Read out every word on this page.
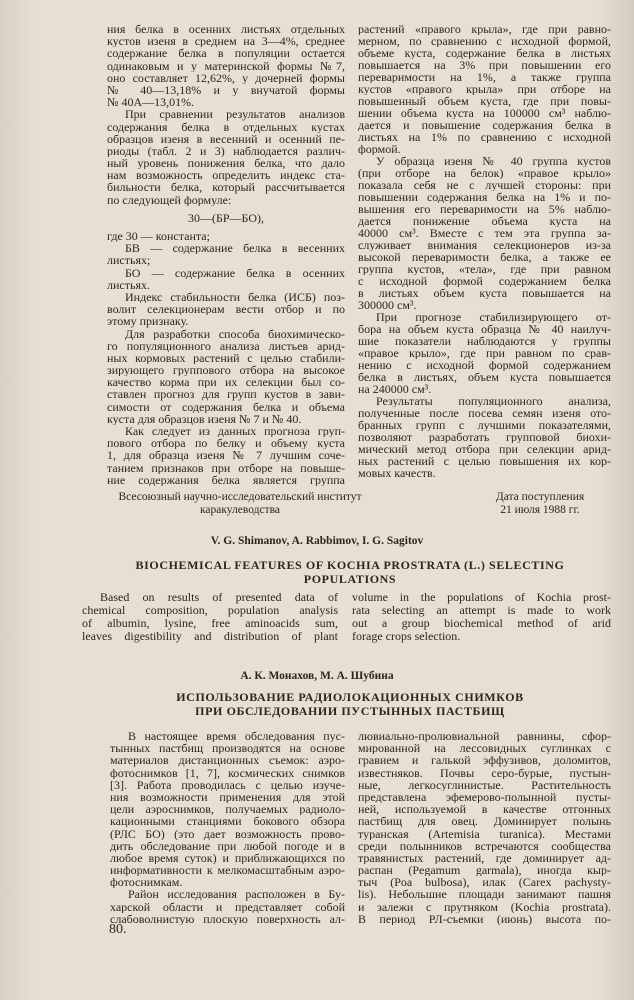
ния белка в осенних листьях отдельных
кустов изеня в среднем на 3—4%, среднее
содержание белка в популяции остается
одинаковым и у материнской формы №7,
оно составляет 12,62%, у дочерней формы
№ 40—13,18% и у внучатой формы
№ 40А—13,01%.
При сравнении результатов анализов
содержания белка в отдельных кустах
образцов изеня в весенний и осенний пе-
риоды (табл. 2 и 3) наблюдается различ-
ный уровень понижения белка, что дало
нам возможность определить индекс ста-
бильности белка, который рассчитывается
по следующей формуле:
30—(БР—БО),
где 30 — константа;
БВ — содержание белка в весенних
листьях;
БО — содержание белка в осенних
листьях.
Индекс стабильности белка (ИСБ) поз-
волит селекционерам вести отбор и по
этому признаку.
Для разработки способа биохимическо-
го популяционного анализа листьев арид-
ных кормовых растений с целью стабили-
зирующего группового отбора на высокое
качество корма при их селекции был со-
ставлен прогноз для групп кустов в зави-
симости от содержания белка и объема
куста для образцов изеня № 7 и № 40.
Как следует из данных прогноза груп-
пового отбора по белку и объему куста
1, для образца изеня № 7 лучшим соче-
танием признаков при отборе на повыше-
ние содержания белка является группа
растений «правого крыла», где при равно-
мерном, по сравнению с исходной формой,
объеме куста, содержание белка в листьях
повышается на 3% при повышении его
переваримости на 1%, а также группа
кустов «правого крыла» при отборе на
повышенный объем куста, где при повы-
шении объема куста на 100000 см³ наблю-
дается и повышение содержания белка в
листьях на 1% по сравнению с исходной
формой.
У образца изеня № 40 группа кустов
(при отборе на белок) «правое крыло»
показала себя не с лучшей стороны: при
повышении содержания белка на 1% и по-
вышения его переваримости на 5% наблю-
дается понижение объема куста на
40000 см³. Вместе с тем эта группа за-
служивает внимания селекционеров из-за
высокой переваримости белка, а также ее
группа кустов, «тела», где при равном
с исходной формой содержанием белка
в листьях объем куста повышается на
300000 см³.
При прогнозе стабилизирующего от-
бора на объем куста образца № 40 наилуч-
шие показатели наблюдаются у группы
«правое крыло», где при равном по срав-
нению с исходной формой содержанием
белка в листьях, объем куста повышается
на 240000 см³.
Результаты популяционного анализа,
полученные после посева семян изеня ото-
бранных групп с лучшими показателями,
позволяют разработать групповой биохи-
мический метод отбора при селекции арид-
ных растений с целью повышения их кор-
мовых качеств.
Всесоюзный научно-исследовательский институт
каракулеводства
Дата поступления
21 июля 1988 гг.
V. G. Shimanov, A. Rabbimov, I. G. Sagitov
BIOCHEMICAL FEATURES OF KOCHIA PROSTRATA (L.) SELECTING
POPULATIONS
Based on results of presented data of
chemical composition, population analysis
of albumin, lysine, free aminoacids sum,
leaves digestibility and distribution of plant
volume in the populations of Kochia prost-
rata selecting an attempt is made to work
out a group biochemical method of arid
forage crops selection.
А. К. Монахов, М. А. Шубина
ИСПОЛЬЗОВАНИЕ РАДИОЛОКАЦИОННЫХ СНИМКОВ
ПРИ ОБСЛЕДОВАНИИ ПУСТЫННЫХ ПАСТБИЩ
В настоящее время обследования пус-
тынных пастбищ производятся на основе
материалов дистанционных съемок: аэро-
фотоснимков [1, 7], космических снимков
[3]. Работа проводилась с целью изуче-
ния возможности применения для этой
цели аэроснимков, получаемых радиоло-
кационными станциями бокового обзора
(РЛС БО) (это дает возможность прово-
дить обследование при любой погоде и в
любое время суток) и приближающихся по
информативности к мелкомасштабным аэро-
фотоснимкам.
Район исследования расположен в Бу-
харской области и представляет собой
слабоволнистую плоскую поверхность ал-
лювиально-пролювиальной равнины, сфор-
мированной на лессовидных суглинках с
гравием и галькой эффузивов, доломитов,
известняков. Почвы серо-бурые, пустын-
ные, легкосуглинистые. Растительность
представлена эфемерово-полынной пусты-
ней, используемой в качестве отгонных
пастбищ для овец. Доминирует полынь
туранская (Artemisia turanica). Местами
среди полынников встречаются сообщества
травянистых растений, где доминирует ад-
распан (Pegamum garmala), иногда кыр-
тыч (Poa bulbosa), илак (Carex pachysty-
lis). Небольшие площади занимают пашня
и залежи с прутняком (Kochia prostrata).
В период РЛ-съемки (июнь) высота по-
80.
